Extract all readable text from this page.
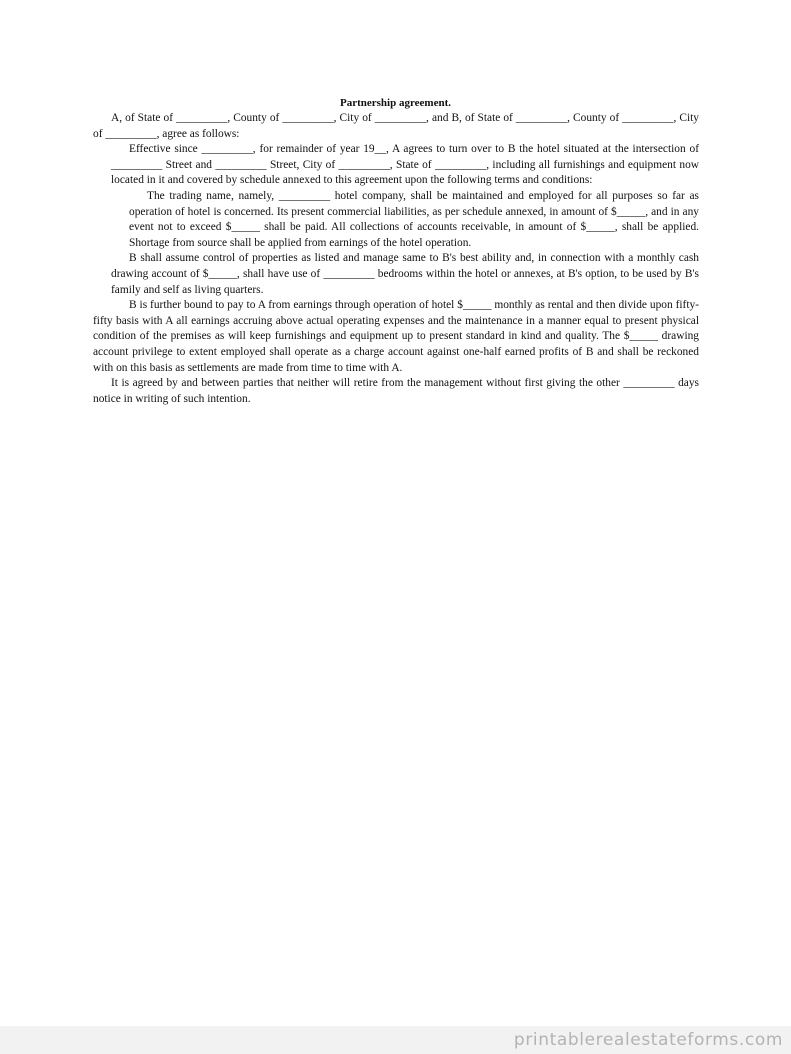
Partnership agreement.

A, of State of _________, County of _________, City of _________, and B, of State of _________, County of _________, City of _________, agree as follows:

Effective since _________, for remainder of year 19__, A agrees to turn over to B the hotel situated at the intersection of _________ Street and _________ Street, City of _________, State of _________, including all furnishings and equipment now located in it and covered by schedule annexed to this agreement upon the following terms and conditions:

The trading name, namely, _________ hotel company, shall be maintained and employed for all purposes so far as operation of hotel is concerned. Its present commercial liabilities, as per schedule annexed, in amount of $_____, and in any event not to exceed $_____ shall be paid. All collections of accounts receivable, in amount of $_____, shall be applied. Shortage from source shall be applied from earnings of the hotel operation.

B shall assume control of properties as listed and manage same to B's best ability and, in connection with a monthly cash drawing account of $_____, shall have use of _________ bedrooms within the hotel or annexes, at B's option, to be used by B's family and self as living quarters.

B is further bound to pay to A from earnings through operation of hotel $_____ monthly as rental and then divide upon fifty-fifty basis with A all earnings accruing above actual operating expenses and the maintenance in a manner equal to present physical condition of the premises as will keep furnishings and equipment up to present standard in kind and quality. The $_____ drawing account privilege to extent employed shall operate as a charge account against one-half earned profits of B and shall be reckoned with on this basis as settlements are made from time to time with A.

It is agreed by and between parties that neither will retire from the management without first giving the other _________ days notice in writing of such intention.

printablerealestateforms.com
